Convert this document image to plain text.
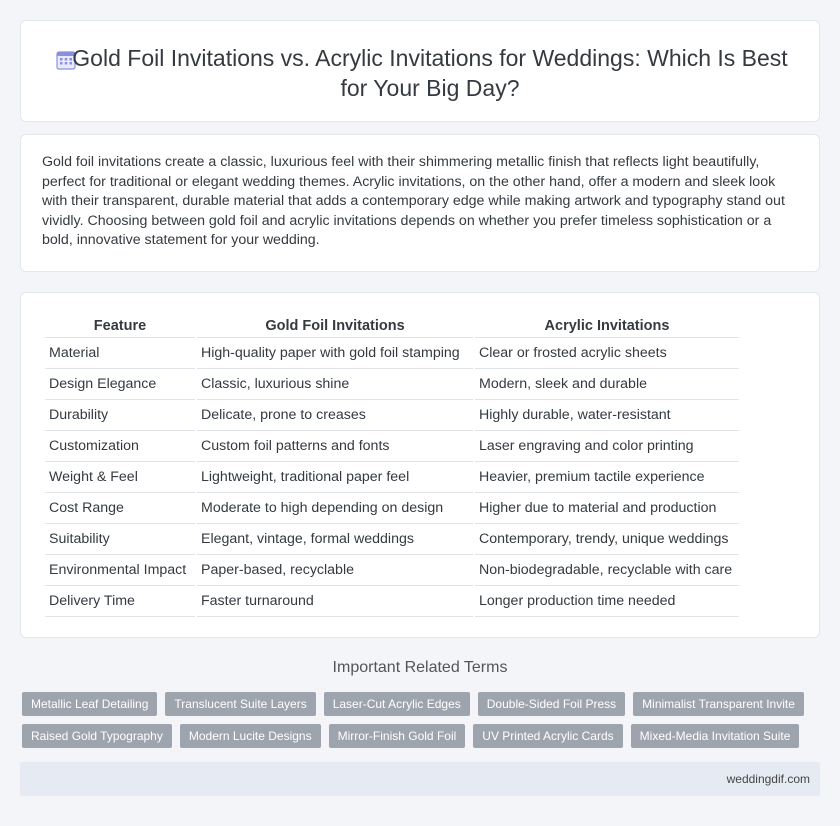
Gold Foil Invitations vs. Acrylic Invitations for Weddings: Which Is Best for Your Big Day?

Gold foil invitations create a classic, luxurious feel with their shimmering metallic finish that reflects light beautifully, perfect for traditional or elegant wedding themes. Acrylic invitations, on the other hand, offer a modern and sleek look with their transparent, durable material that adds a contemporary edge while making artwork and typography stand out vividly. Choosing between gold foil and acrylic invitations depends on whether you prefer timeless sophistication or a bold, innovative statement for your wedding.

Feature	Gold Foil Invitations	Acrylic Invitations
Material	High-quality paper with gold foil stamping	Clear or frosted acrylic sheets
Design Elegance	Classic, luxurious shine	Modern, sleek and durable
Durability	Delicate, prone to creases	Highly durable, water-resistant
Customization	Custom foil patterns and fonts	Laser engraving and color printing
Weight & Feel	Lightweight, traditional paper feel	Heavier, premium tactile experience
Cost Range	Moderate to high depending on design	Higher due to material and production
Suitability	Elegant, vintage, formal weddings	Contemporary, trendy, unique weddings
Environmental Impact	Paper-based, recyclable	Non-biodegradable, recyclable with care
Delivery Time	Faster turnaround	Longer production time needed
Important Related Terms
Metallic Leaf Detailing	Translucent Suite Layers	Laser-Cut Acrylic Edges	Double-Sided Foil Press	Minimalist Transparent Invite
Raised Gold Typography	Modern Lucite Designs	Mirror-Finish Gold Foil	UV Printed Acrylic Cards	Mixed-Media Invitation Suite
weddingdif.com
